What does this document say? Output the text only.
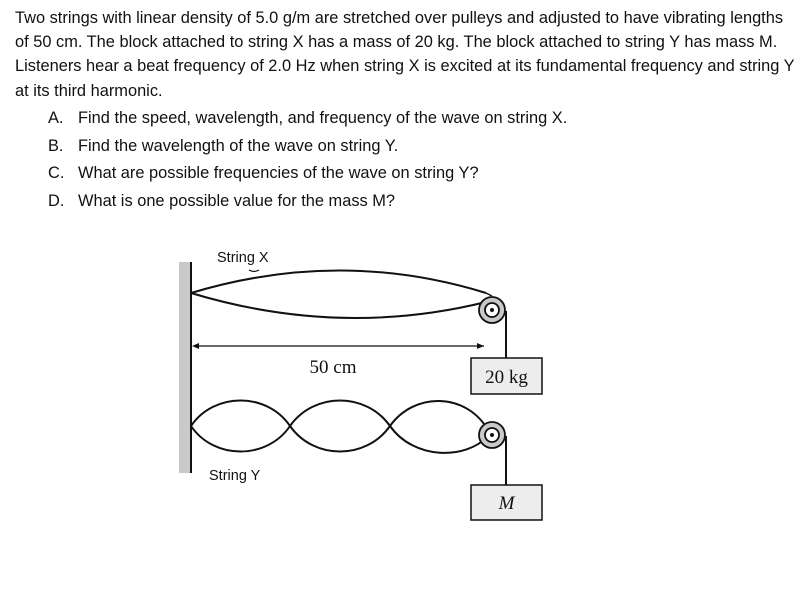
Two strings with linear density of 5.0 g/m are stretched over pulleys and adjusted to have vibrating lengths of 50 cm. The block attached to string X has a mass of 20 kg. The block attached to string Y has mass M. Listeners hear a beat frequency of 2.0 Hz when string X is excited at its fundamental frequency and string Y at its third harmonic.

A. Find the speed, wavelength, and frequency of the wave on string X.
B. Find the wavelength of the wave on string Y.
C. What are possible frequencies of the wave on string Y?
D. What is one possible value for the mass M?
String X
20 kg
50 cm
M
String Y
